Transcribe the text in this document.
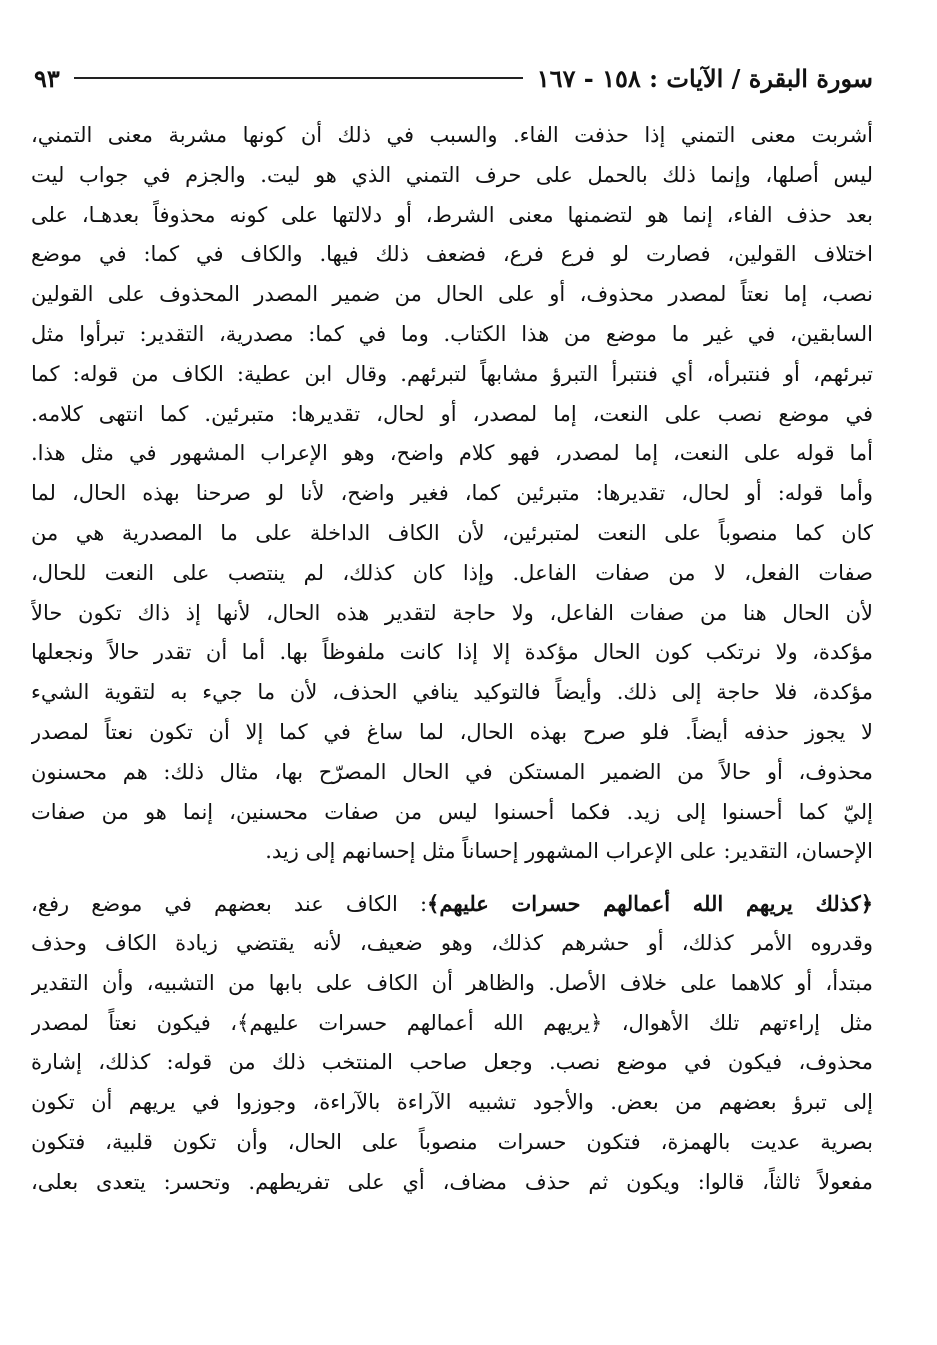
سورة البقرة / الآيات : ١٥٨ - ١٦٧
٩٣
أشربت معنى التمني إذا حذفت الفاء. والسبب في ذلك أن كونها مشربة معنى التمني،
ليس أصلها، وإنما ذلك بالحمل على حرف التمني الذي هو ليت. والجزم في جواب ليت
بعد حذف الفاء، إنما هو لتضمنها معنى الشرط، أو دلالتها على كونه محذوفاً بعدهـا، على
اختلاف القولين، فصارت لو فرع فرع، فضعف ذلك فيها. والكاف في كما: في موضع
نصب، إما نعتاً لمصدر محذوف، أو على الحال من ضمير المصدر المحذوف على القولين
السابقين، في غير ما موضع من هذا الكتاب. وما في كما: مصدرية، التقدير: تبرأوا مثل
تبرئهم، أو فنتبرأه، أي فنتبرأ التبرؤ مشابهاً لتبرئهم. وقال ابن عطية: الكاف من قوله: كما
في موضع نصب على النعت، إما لمصدر، أو لحال، تقديرها: متبرئين. كما انتهى كلامه.
أما قوله على النعت، إما لمصدر، فهو كلام واضح، وهو الإعراب المشهور في مثل هذا.
وأما قوله: أو لحال، تقديرها: متبرئين كما، فغير واضح، لأنا لو صرحنا بهذه الحال، لما
كان كما منصوباً على النعت لمتبرئين، لأن الكاف الداخلة على ما المصدرية هي من
صفات الفعل، لا من صفات الفاعل. وإذا كان كذلك، لم ينتصب على النعت للحال،
لأن الحال هنا من صفات الفاعل، ولا حاجة لتقدير هذه الحال، لأنها إذ ذاك تكون حالاً
مؤكدة، ولا نرتكب كون الحال مؤكدة إلا إذا كانت ملفوظاً بها. أما أن تقدر حالاً ونجعلها
مؤكدة، فلا حاجة إلى ذلك. وأيضاً فالتوكيد ينافي الحذف، لأن ما جيء به لتقوية الشيء
لا يجوز حذفه أيضاً. فلو صرح بهذه الحال، لما ساغ في كما إلا أن تكون نعتاً لمصدر
محذوف، أو حالاً من الضمير المستكن في الحال المصرّح بها، مثال ذلك: هم محسنون
إليّ كما أحسنوا إلى زيد. فكما أحسنوا ليس من صفات محسنين، إنما هو من صفات
الإحسان، التقدير: على الإعراب المشهور إحساناً مثل إحسانهم إلى زيد.
﴿كذلك يريهم الله أعمالهم حسرات عليهم﴾: الكاف عند بعضهم في موضع رفع،
وقدروه الأمر كذلك، أو حشرهم كذلك، وهو ضعيف، لأنه يقتضي زيادة الكاف وحذف
مبتدأ، أو كلاهما على خلاف الأصل. والظاهر أن الكاف على بابها من التشبيه، وأن التقدير
مثل إراءتهم تلك الأهوال، ﴿يريهم الله أعمالهم حسرات عليهم﴾، فيكون نعتاً لمصدر
محذوف، فيكون في موضع نصب. وجعل صاحب المنتخب ذلك من قوله: كذلك، إشارة
إلى تبرؤ بعضهم من بعض. والأجود تشبيه الآراءة بالآراءة، وجوزوا في يريهم أن تكون
بصرية عديت بالهمزة، فتكون حسرات منصوباً على الحال، وأن تكون قلبية، فتكون
مفعولاً ثالثاً، قالوا: ويكون ثم حذف مضاف، أي على تفريطهم. وتحسر: يتعدى بعلى،
